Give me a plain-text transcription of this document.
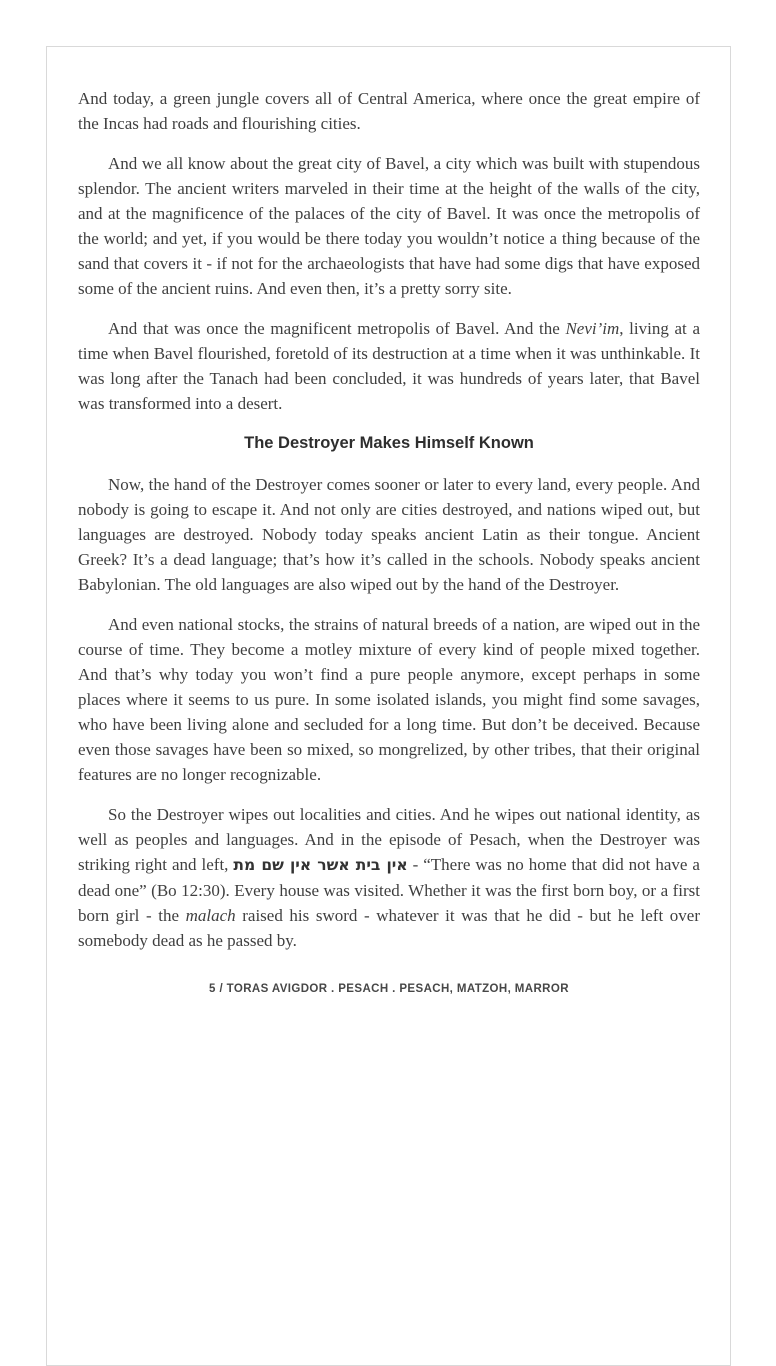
And today, a green jungle covers all of Central America, where once the great empire of the Incas had roads and flourishing cities.

And we all know about the great city of Bavel, a city which was built with stupendous splendor. The ancient writers marveled in their time at the height of the walls of the city, and at the magnificence of the palaces of the city of Bavel. It was once the metropolis of the world; and yet, if you would be there today you wouldn’t notice a thing because of the sand that covers it - if not for the archaeologists that have had some digs that have exposed some of the ancient ruins. And even then, it’s a pretty sorry site.

And that was once the magnificent metropolis of Bavel. And the Nevi’im, living at a time when Bavel flourished, foretold of its destruction at a time when it was unthinkable. It was long after the Tanach had been concluded, it was hundreds of years later, that Bavel was transformed into a desert.

The Destroyer Makes Himself Known

Now, the hand of the Destroyer comes sooner or later to every land, every people. And nobody is going to escape it. And not only are cities destroyed, and nations wiped out, but languages are destroyed. Nobody today speaks ancient Latin as their tongue. Ancient Greek? It’s a dead language; that’s how it’s called in the schools. Nobody speaks ancient Babylonian. The old languages are also wiped out by the hand of the Destroyer.

And even national stocks, the strains of natural breeds of a nation, are wiped out in the course of time. They become a motley mixture of every kind of people mixed together. And that’s why today you won’t find a pure people anymore, except perhaps in some places where it seems to us pure. In some isolated islands, you might find some savages, who have been living alone and secluded for a long time. But don’t be deceived. Because even those savages have been so mixed, so mongrelized, by other tribes, that their original features are no longer recognizable.

So the Destroyer wipes out localities and cities. And he wipes out national identity, as well as peoples and languages. And in the episode of Pesach, when the Destroyer was striking right and left, אין בית אשר אין שם מת - “There was no home that did not have a dead one” (Bo 12:30). Every house was visited. Whether it was the first born boy, or a first born girl - the malach raised his sword - whatever it was that he did - but he left over somebody dead as he passed by.

5 / TORAS AVIGDOR . PESACH . PESACH, MATZOH, MARROR
